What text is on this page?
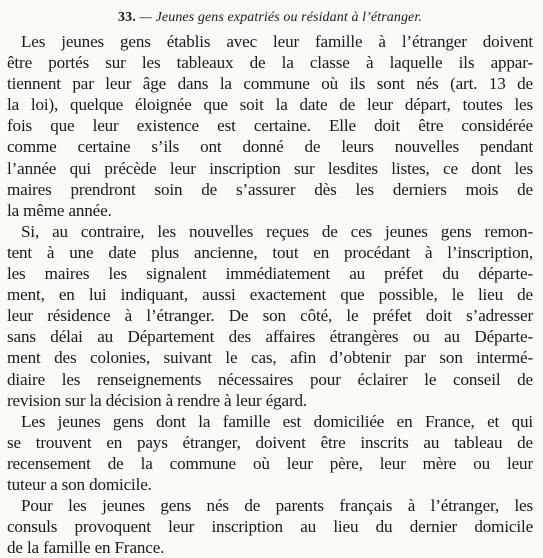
33. — Jeunes gens expatriés ou résidant à l’étranger.

Les jeunes gens établis avec leur famille à l’étranger doivent
être portés sur les tableaux de la classe à laquelle ils appar-
tiennent par leur âge dans la commune où ils sont nés (art. 13 de
la loi), quelque éloignée que soit la date de leur départ, toutes les
fois que leur existence est certaine. Elle doit être considérée
comme certaine s’ils ont donné de leurs nouvelles pendant
l’année qui précède leur inscription sur lesdites listes, ce dont les
maires prendront soin de s’assurer dès les derniers mois de
la même année.

Si, au contraire, les nouvelles reçues de ces jeunes gens remon-
tent à une date plus ancienne, tout en procédant à l’inscription,
les maires les signalent immédiatement au préfet du départe-
ment, en lui indiquant, aussi exactement que possible, le lieu de
leur résidence à l’étranger. De son côté, le préfet doit s’adresser
sans délai au Département des affaires étrangères ou au Départe-
ment des colonies, suivant le cas, afin d’obtenir par son intermé-
diaire les renseignements nécessaires pour éclairer le conseil de
revision sur la décision à rendre à leur égard.

Les jeunes gens dont la famille est domiciliée en France, et qui
se trouvent en pays étranger, doivent être inscrits au tableau de
recensement de la commune où leur père, leur mère ou leur
tuteur a son domicile.

Pour les jeunes gens nés de parents français à l’étranger, les
consuls provoquent leur inscription au lieu du dernier domicile
de la famille en France.
